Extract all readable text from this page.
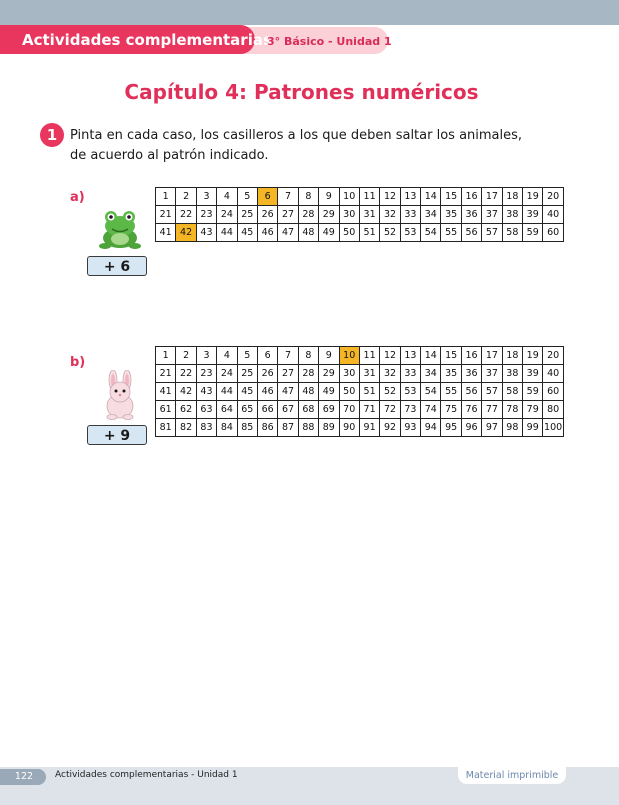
Actividades complementarias
3° Básico - Unidad 1
Capítulo 4: Patrones numéricos
1 Pinta en cada caso, los casilleros a los que deben saltar los animales,
de acuerdo al patrón indicado.
a)
+ 6
1	2	3	4	5	6	7	8	9	10	11	12	13	14	15	16	17	18	19	20
21	22	23	24	25	26	27	28	29	30	31	32	33	34	35	36	37	38	39	40
41	42	43	44	45	46	47	48	49	50	51	52	53	54	55	56	57	58	59	60
b)
+ 9
1	2	3	4	5	6	7	8	9	10	11	12	13	14	15	16	17	18	19	20
21	22	23	24	25	26	27	28	29	30	31	32	33	34	35	36	37	38	39	40
41	42	43	44	45	46	47	48	49	50	51	52	53	54	55	56	57	58	59	60
61	62	63	64	65	66	67	68	69	70	71	72	73	74	75	76	77	78	79	80
81	82	83	84	85	86	87	88	89	90	91	92	93	94	95	96	97	98	99	100
122	Actividades complementarias - Unidad 1	Material imprimible
